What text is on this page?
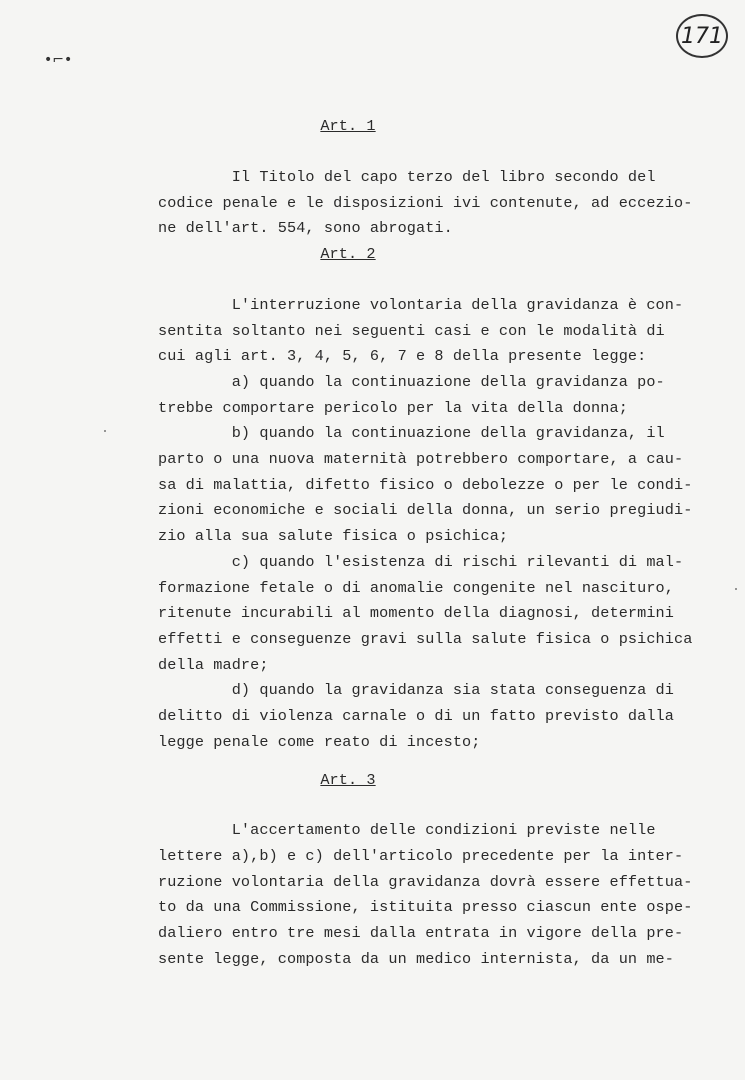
171
•⌐•
Art. 1
Il Titolo del capo terzo del libro secondo del
codice penale e le disposizioni ivi contenute, ad eccezio-
ne dell'art. 554, sono abrogati.
Art. 2
L'interruzione volontaria della gravidanza è con-
sentita soltanto nei seguenti casi e con le modalità di
cui agli art. 3, 4, 5, 6, 7 e 8 della presente legge:
a) quando la continuazione della gravidanza po-
trebbe comportare pericolo per la vita della donna;
b) quando la continuazione della gravidanza, il
parto o una nuova maternità potrebbero comportare, a cau-
sa di malattia, difetto fisico o debolezze o per le condi-
zioni economiche e sociali della donna, un serio pregiudi-
zio alla sua salute fisica o psichica;
c) quando l'esistenza di rischi rilevanti di mal-
formazione fetale o di anomalie congenite nel nascituro,
ritenute incurabili al momento della diagnosi, determini
effetti e conseguenze gravi sulla salute fisica o psichica
della madre;
d) quando la gravidanza sia stata conseguenza di
delitto di violenza carnale o di un fatto previsto dalla
legge penale come reato di incesto;
Art. 3
L'accertamento delle condizioni previste nelle
lettere a),b) e c) dell'articolo precedente per la inter-
ruzione volontaria della gravidanza dovrà essere effettua-
to da una Commissione, istituita presso ciascun ente ospe-
daliero entro tre mesi dalla entrata in vigore della pre-
sente legge, composta da un medico internista, da un me-
